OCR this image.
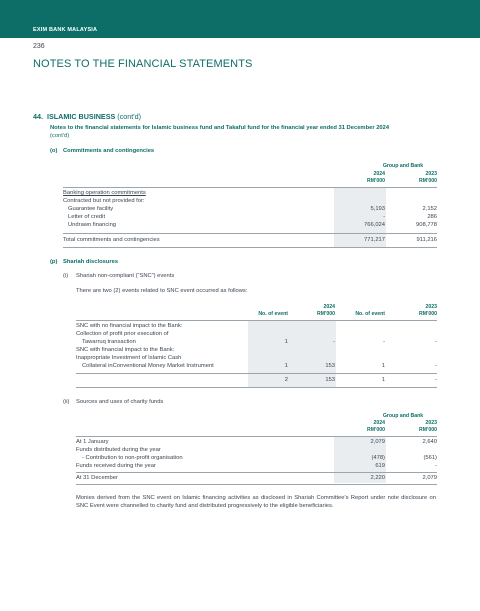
EXIM BANK MALAYSIA
236
NOTES TO THE FINANCIAL STATEMENTS
44. ISLAMIC BUSINESS (cont'd)
Notes to the financial statements for Islamic business fund and Takaful fund for the financial year ended 31 December 2024
(cont'd)
(o) Commitments and contingencies
Group and Bank
2024	2023
RM'000	RM'000
Banking operation commitments
Contracted but not provided for:
Guarantee facility	5,193	2,152
Letter of credit	-	286
Undrawn financing	766,024	908,778
Total commitments and contingencies	771,217	911,216
(p) Shariah disclosures
(i) Shariah non-compliant (“SNC”) events
There are two (2) events related to SNC event occurred as follows:
2024	2023
No. of event	RM'000	No. of event	RM'000
SNC with no financial impact to the Bank:
Collection of profit prior execution of
Tawarruq transaction	1	-	-	-
SNC with financial impact to the Bank:
Inappropriate Investment of Islamic Cash
Collateral inConventional Money Market Instrument	1	153	1	-
2	153	1	-
(ii) Sources and uses of charity funds
Group and Bank
2024	2023
RM'000	RM'000
At 1 January	2,079	2,640
Funds distributed during the year
- Contribution to non-profit organisation	(478)	(561)
Funds received during the year	619	-
At 31 December	2,220	2,079
Monies derived from the SNC event on Islamic financing activities as disclosed in Shariah Committee's Report under note disclosure on SNC Event were channelled to charity fund and distributed progressively to the eligible beneficiaries.
